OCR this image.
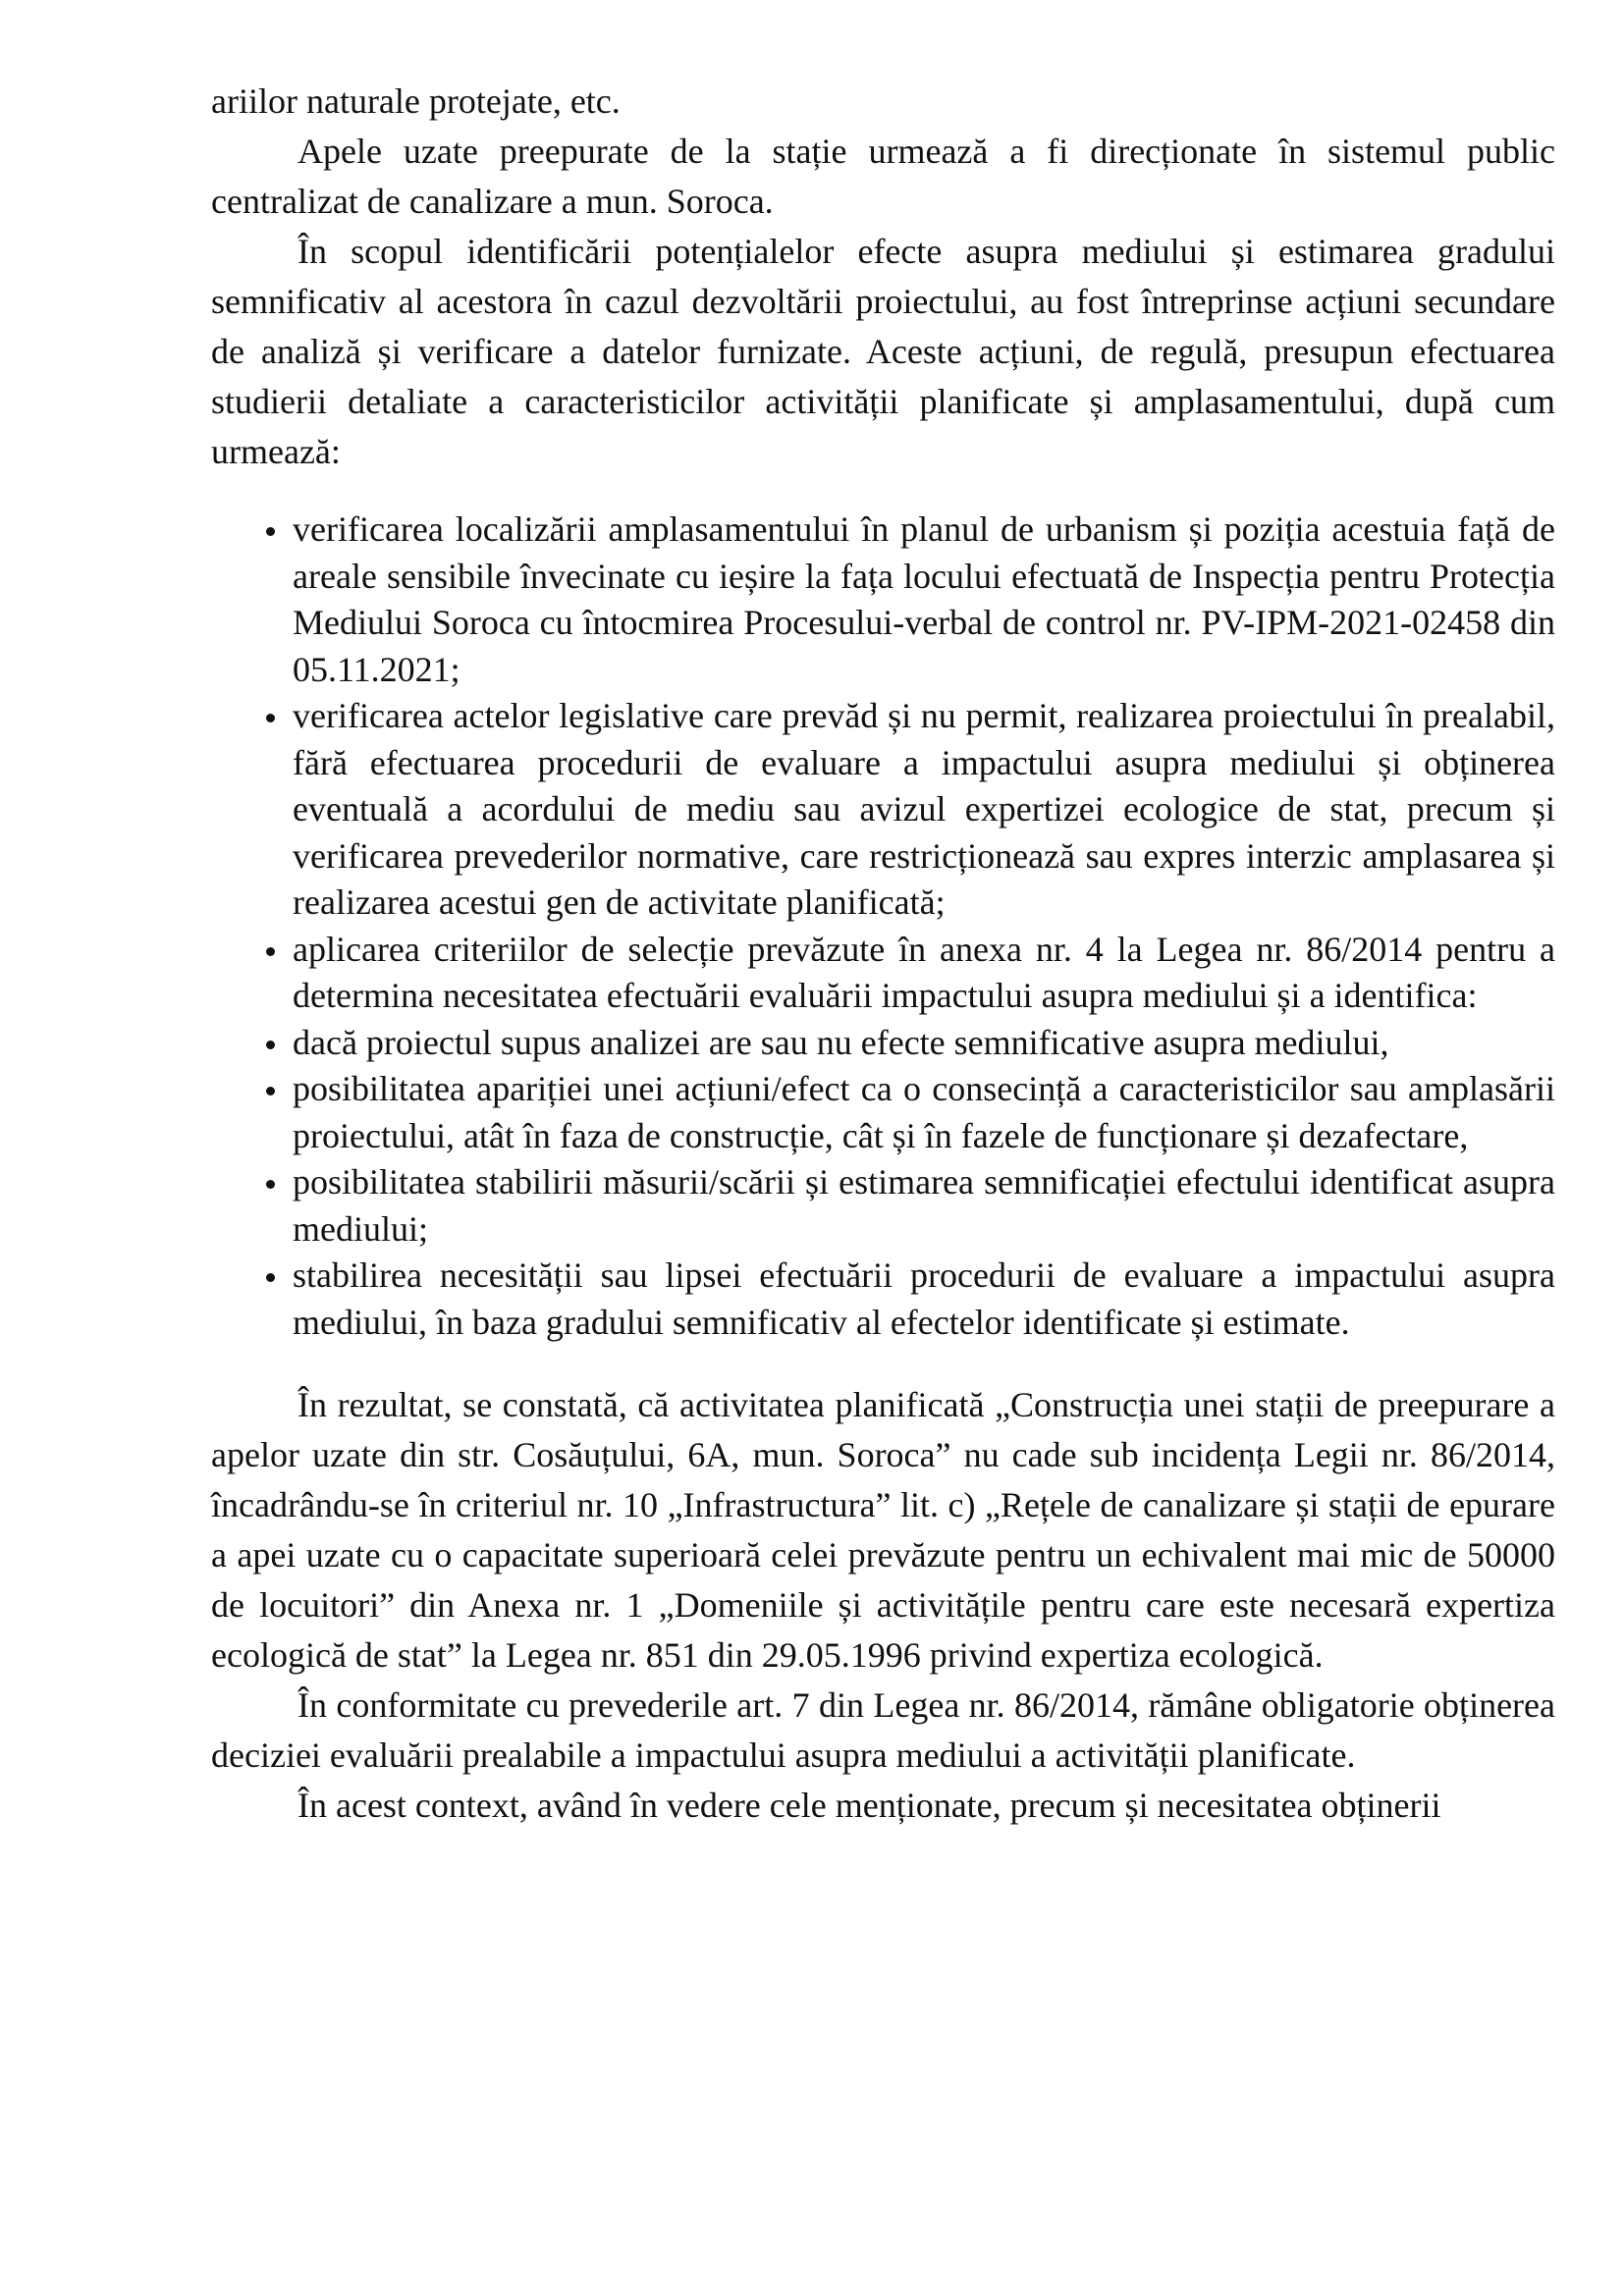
ariilor naturale protejate, etc.

Apele uzate preepurate de la stație urmează a fi direcționate în sistemul public centralizat de canalizare a mun. Soroca.

În scopul identificării potențialelor efecte asupra mediului și estimarea gradului semnificativ al acestora în cazul dezvoltării proiectului, au fost întreprinse acțiuni secundare de analiză și verificare a datelor furnizate. Aceste acțiuni, de regulă, presupun efectuarea studierii detaliate a caracteristicilor activității planificate și amplasamentului, după cum urmează:

verificarea localizării amplasamentului în planul de urbanism și poziția acestuia față de areale sensibile învecinate cu ieșire la fața locului efectuată de Inspecția pentru Protecția Mediului Soroca cu întocmirea Procesului-verbal de control nr. PV-IPM-2021-02458 din 05.11.2021;
verificarea actelor legislative care prevăd și nu permit, realizarea proiectului în prealabil, fără efectuarea procedurii de evaluare a impactului asupra mediului și obținerea eventuală a acordului de mediu sau avizul expertizei ecologice de stat, precum și verificarea prevederilor normative, care restricționează sau expres interzic amplasarea și realizarea acestui gen de activitate planificată;
aplicarea criteriilor de selecție prevăzute în anexa nr. 4 la Legea nr. 86/2014 pentru a determina necesitatea efectuării evaluării impactului asupra mediului și a identifica:
dacă proiectul supus analizei are sau nu efecte semnificative asupra mediului,
posibilitatea apariției unei acțiuni/efect ca o consecință a caracteristicilor sau amplasării proiectului, atât în faza de construcție, cât și în fazele de funcționare și dezafectare,
posibilitatea stabilirii măsurii/scării și estimarea semnificației efectului identificat asupra mediului;
stabilirea necesității sau lipsei efectuării procedurii de evaluare a impactului asupra mediului, în baza gradului semnificativ al efectelor identificate și estimate.

În rezultat, se constată, că activitatea planificată „Construcția unei stații de preepurare a apelor uzate din str. Cosăuțului, 6A, mun. Soroca” nu cade sub incidența Legii nr. 86/2014, încadrându-se în criteriul nr. 10 „Infrastructura” lit. c) „Rețele de canalizare și stații de epurare a apei uzate cu o capacitate superioară celei prevăzute pentru un echivalent mai mic de 50000 de locuitori” din Anexa nr. 1 „Domeniile și activitățile pentru care este necesară expertiza ecologică de stat” la Legea nr. 851 din 29.05.1996 privind expertiza ecologică.

În conformitate cu prevederile art. 7 din Legea nr. 86/2014, rămâne obligatorie obținerea deciziei evaluării prealabile a impactului asupra mediului a activității planificate.

În acest context, având în vedere cele menționate, precum și necesitatea obținerii
